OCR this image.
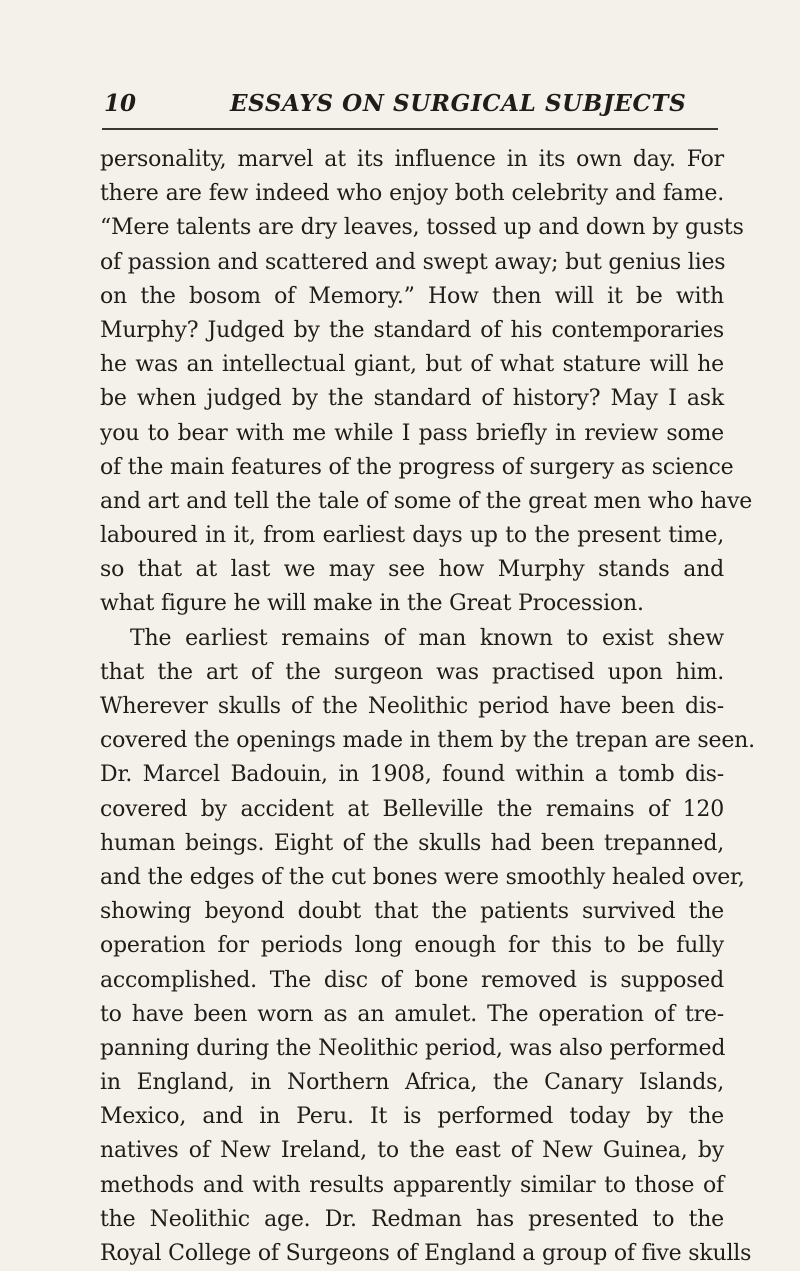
10	ESSAYS ON SURGICAL SUBJECTS
personality, marvel at its influence in its own day. For
there are few indeed who enjoy both celebrity and fame.
“Mere talents are dry leaves, tossed up and down by gusts
of passion and scattered and swept away; but genius lies
on the bosom of Memory.” How then will it be with
Murphy? Judged by the standard of his contemporaries
he was an intellectual giant, but of what stature will he
be when judged by the standard of history? May I ask
you to bear with me while I pass briefly in review some
of the main features of the progress of surgery as science
and art and tell the tale of some of the great men who have
laboured in it, from earliest days up to the present time,
so that at last we may see how Murphy stands and
what figure he will make in the Great Procession.
The earliest remains of man known to exist shew
that the art of the surgeon was practised upon him.
Wherever skulls of the Neolithic period have been dis-
covered the openings made in them by the trepan are seen.
Dr. Marcel Badouin, in 1908, found within a tomb dis-
covered by accident at Belleville the remains of 120
human beings. Eight of the skulls had been trepanned,
and the edges of the cut bones were smoothly healed over,
showing beyond doubt that the patients survived the
operation for periods long enough for this to be fully
accomplished. The disc of bone removed is supposed
to have been worn as an amulet. The operation of tre-
panning during the Neolithic period, was also performed
in England, in Northern Africa, the Canary Islands,
Mexico, and in Peru. It is performed today by the
natives of New Ireland, to the east of New Guinea, by
methods and with results apparently similar to those of
the Neolithic age. Dr. Redman has presented to the
Royal College of Surgeons of England a group of five skulls
